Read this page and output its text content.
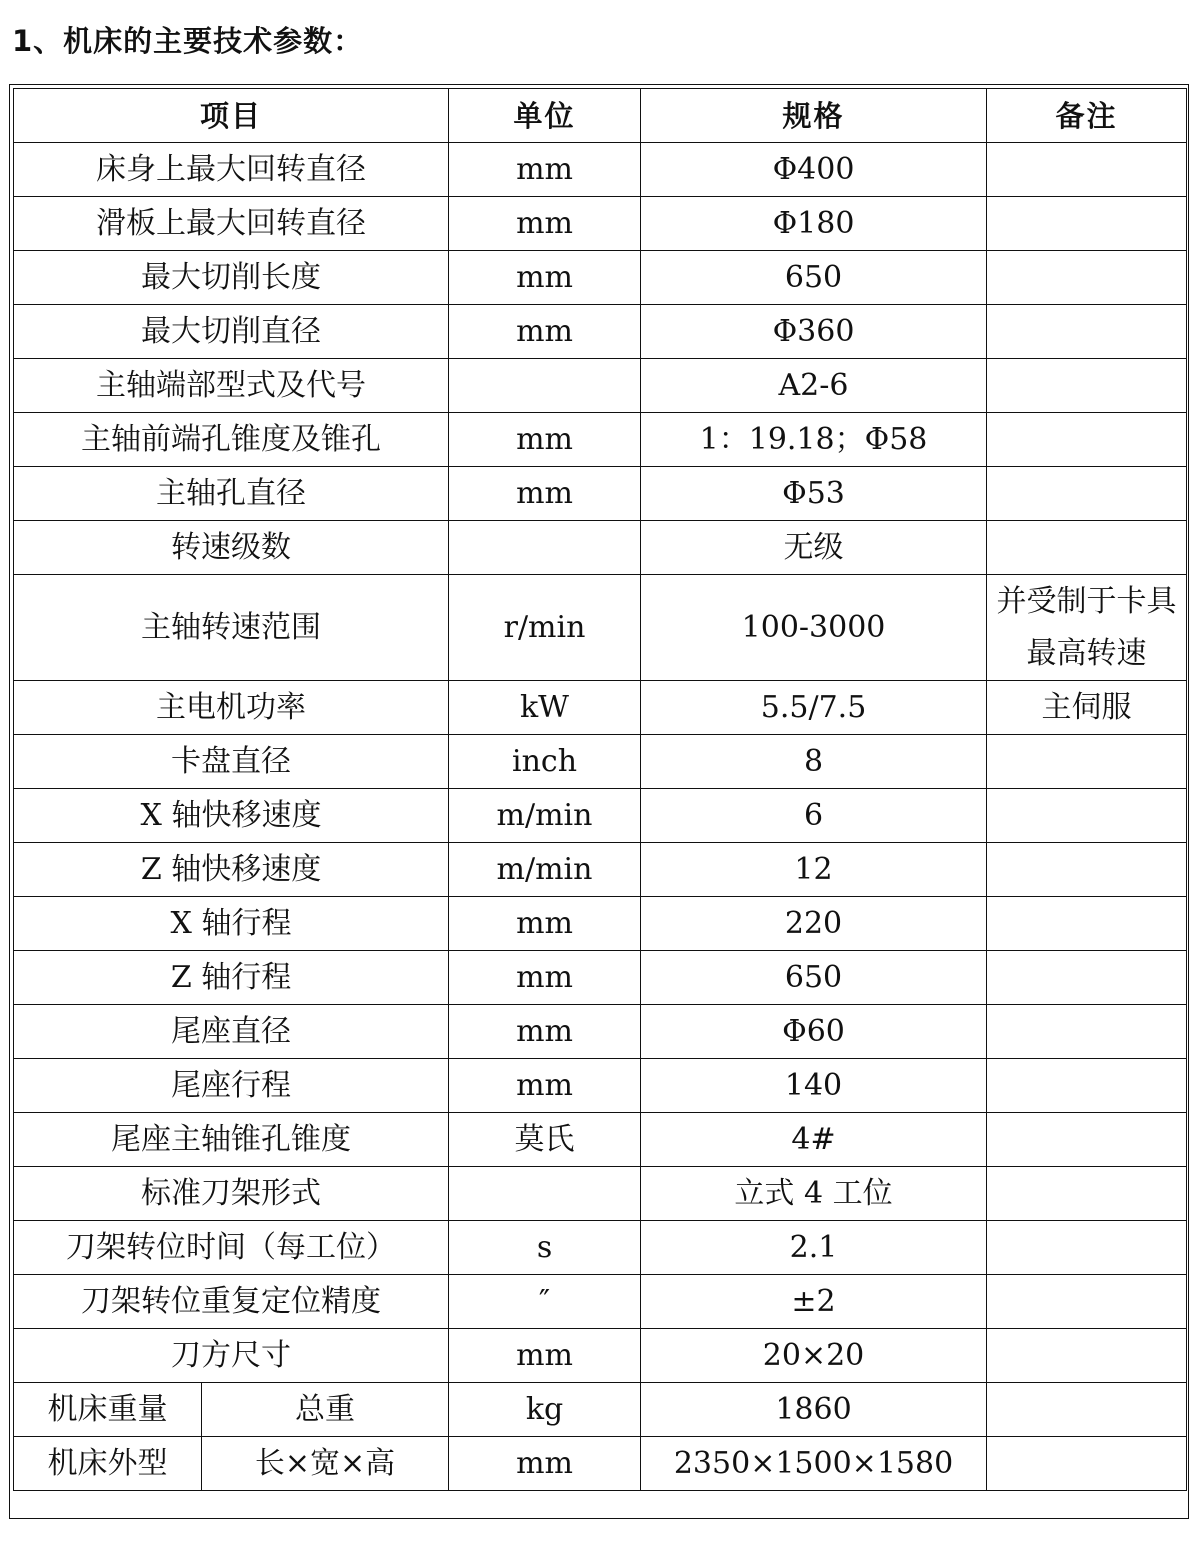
1、机床的主要技术参数：
项目		单位	规格	备注
床身上最大回转直径		mm	Φ400	
滑板上最大回转直径		mm	Φ180	
最大切削长度		mm	650	
最大切削直径		mm	Φ360	
主轴端部型式及代号			A2-6	
主轴前端孔锥度及锥孔		mm	1：19.18；Φ58	
主轴孔直径		mm	Φ53	
转速级数			无级	
主轴转速范围		r/min	100-3000	并受制于卡具最高转速
主电机功率		kW	5.5/7.5	主伺服
卡盘直径		inch	8	
X 轴快移速度		m/min	6	
Z 轴快移速度		m/min	12	
X 轴行程		mm	220	
Z 轴行程		mm	650	
尾座直径		mm	Φ60	
尾座行程		mm	140	
尾座主轴锥孔锥度		莫氏	4#	
标准刀架形式			立式 4 工位	
刀架转位时间（每工位）		s	2.1	
刀架转位重复定位精度		″	±2	
刀方尺寸		mm	20×20	
机床重量	总重	kg	1860	
机床外型	长×宽×高	mm	2350×1500×1580	
